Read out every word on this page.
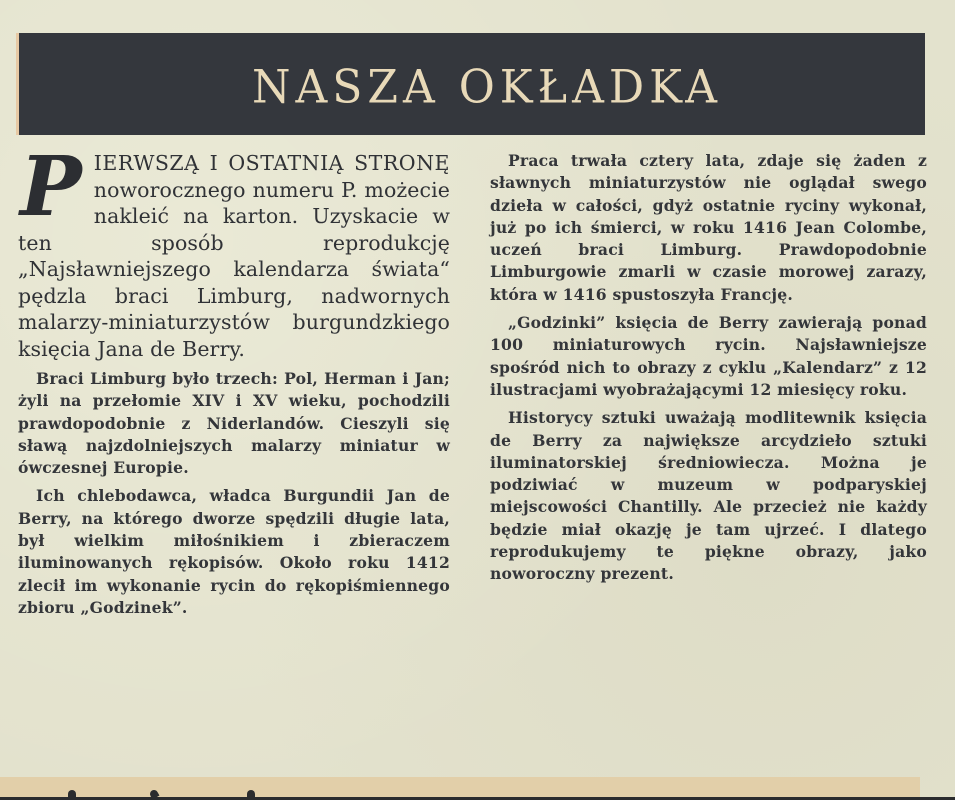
NASZA OKŁADKA

PIERWSZĄ I OSTATNIĄ STRONĘ noworocznego numeru P. możecie nakleić na karton. Uzyskacie w ten sposób reprodukcję „Najsławniejszego kalendarza świata“ pędzla braci Limburg, nadwornych malarzy-miniaturzystów burgundzkiego księcia Jana de Berry.

Braci Limburg było trzech: Pol, Herman i Jan; żyli na przełomie XIV i XV wieku, pochodzili prawdopodobnie z Niderlandów. Cieszyli się sławą najzdolniejszych malarzy miniatur w ówczesnej Europie.

Ich chlebodawca, władca Burgundii Jan de Berry, na którego dworze spędzili długie lata, był wielkim miłośnikiem i zbieraczem iluminowanych rękopisów. Około roku 1412 zlecił im wykonanie rycin do rękopiśmiennego zbioru „Godzinek”.

Praca trwała cztery lata, zdaje się żaden z sławnych miniaturzystów nie oglądał swego dzieła w całości, gdyż ostatnie ryciny wykonał, już po ich śmierci, w roku 1416 Jean Colombe, uczeń braci Limburg. Prawdopodobnie Limburgowie zmarli w czasie morowej zarazy, która w 1416 spustoszyła Francję.

„Godzinki” księcia de Berry zawierają ponad 100 miniaturowych rycin. Najsławniejsze spośród nich to obrazy z cyklu „Kalendarz” z 12 ilustracjami wyobrażającymi 12 miesięcy roku.

Historycy sztuki uważają modlitewnik księcia de Berry za największe arcydzieło sztuki iluminatorskiej średniowiecza. Można je podziwiać w muzeum w podparyskiej miejscowości Chantilly. Ale przecież nie każdy będzie miał okazję je tam ujrzeć. I dlatego reprodukujemy te piękne obrazy, jako noworoczny prezent.
